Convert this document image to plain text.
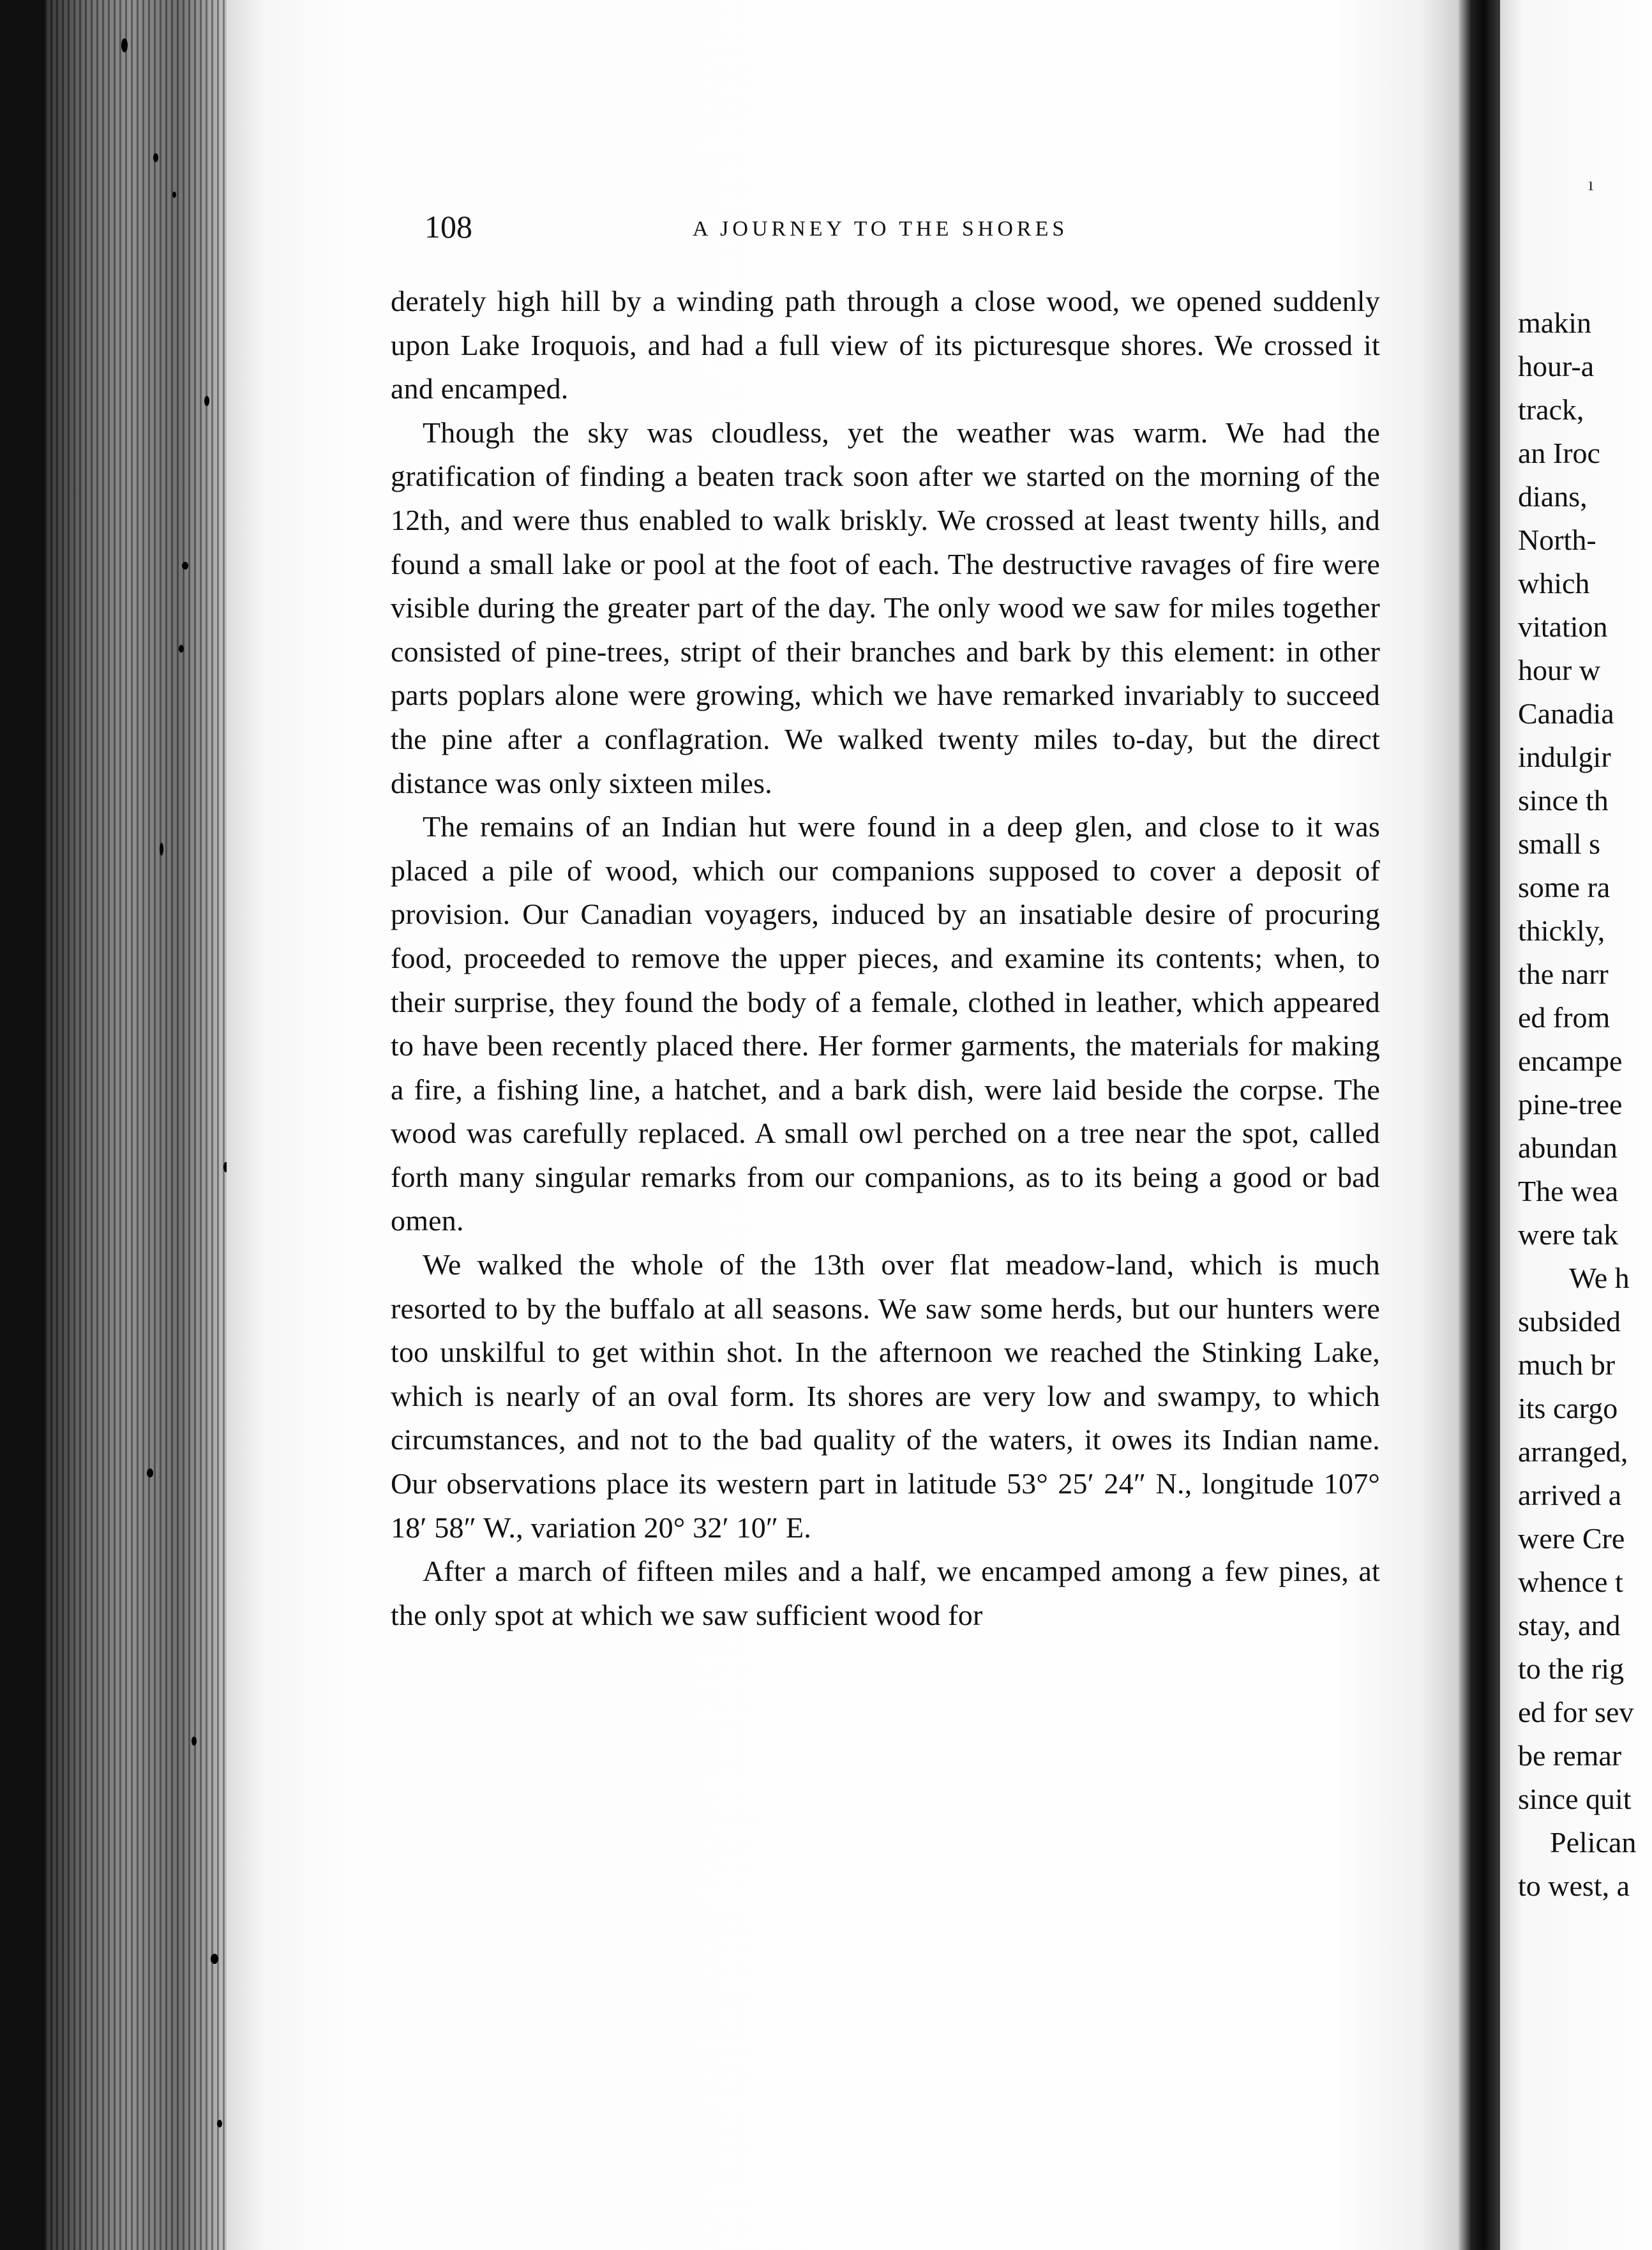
108	A JOURNEY TO THE SHORES

derately high hill by a winding path through a close wood, we opened suddenly upon Lake Iroquois, and had a full view of its picturesque shores. We crossed it and encamped.

Though the sky was cloudless, yet the weather was warm. We had the gratification of finding a beaten track soon after we started on the morning of the 12th, and were thus enabled to walk briskly. We crossed at least twenty hills, and found a small lake or pool at the foot of each. The destructive ravages of fire were visible during the greater part of the day. The only wood we saw for miles together consisted of pine-trees, stript of their branches and bark by this element: in other parts poplars alone were growing, which we have remarked invariably to succeed the pine after a conflagration. We walked twenty miles to-day, but the direct distance was only sixteen miles.

The remains of an Indian hut were found in a deep glen, and close to it was placed a pile of wood, which our companions supposed to cover a deposit of provision. Our Canadian voyagers, induced by an insatiable desire of procuring food, proceeded to remove the upper pieces, and examine its contents; when, to their surprise, they found the body of a female, clothed in leather, which appeared to have been recently placed there. Her former garments, the materials for making a fire, a fishing line, a hatchet, and a bark dish, were laid beside the corpse. The wood was carefully replaced. A small owl perched on a tree near the spot, called forth many singular remarks from our companions, as to its being a good or bad omen.

We walked the whole of the 13th over flat meadow-land, which is much resorted to by the buffalo at all seasons. We saw some herds, but our hunters were too unskilful to get within shot. In the afternoon we reached the Stinking Lake, which is nearly of an oval form. Its shores are very low and swampy, to which circumstances, and not to the bad quality of the waters, it owes its Indian name. Our observations place its western part in latitude 53° 25′ 24″ N., longitude 107° 18′ 58″ W., variation 20° 32′ 10″ E.

After a march of fifteen miles and a half, we encamped among a few pines, at the only spot at which we saw sufficient wood for

ı
makin
hour-a
track,
an Iroc
dians,
North-
which
vitation
hour w
Canadia
indulgir
since th
small s
some ra
thickly,
the narr
ed from
encampe
pine-tree
abundan
The wea
were tak
We h
subsided
much br
its cargo
arranged,
arrived a
were Cre
whence t
stay, and
to the rig
ed for sev
be remar
since quit
Pelican
to west, a
